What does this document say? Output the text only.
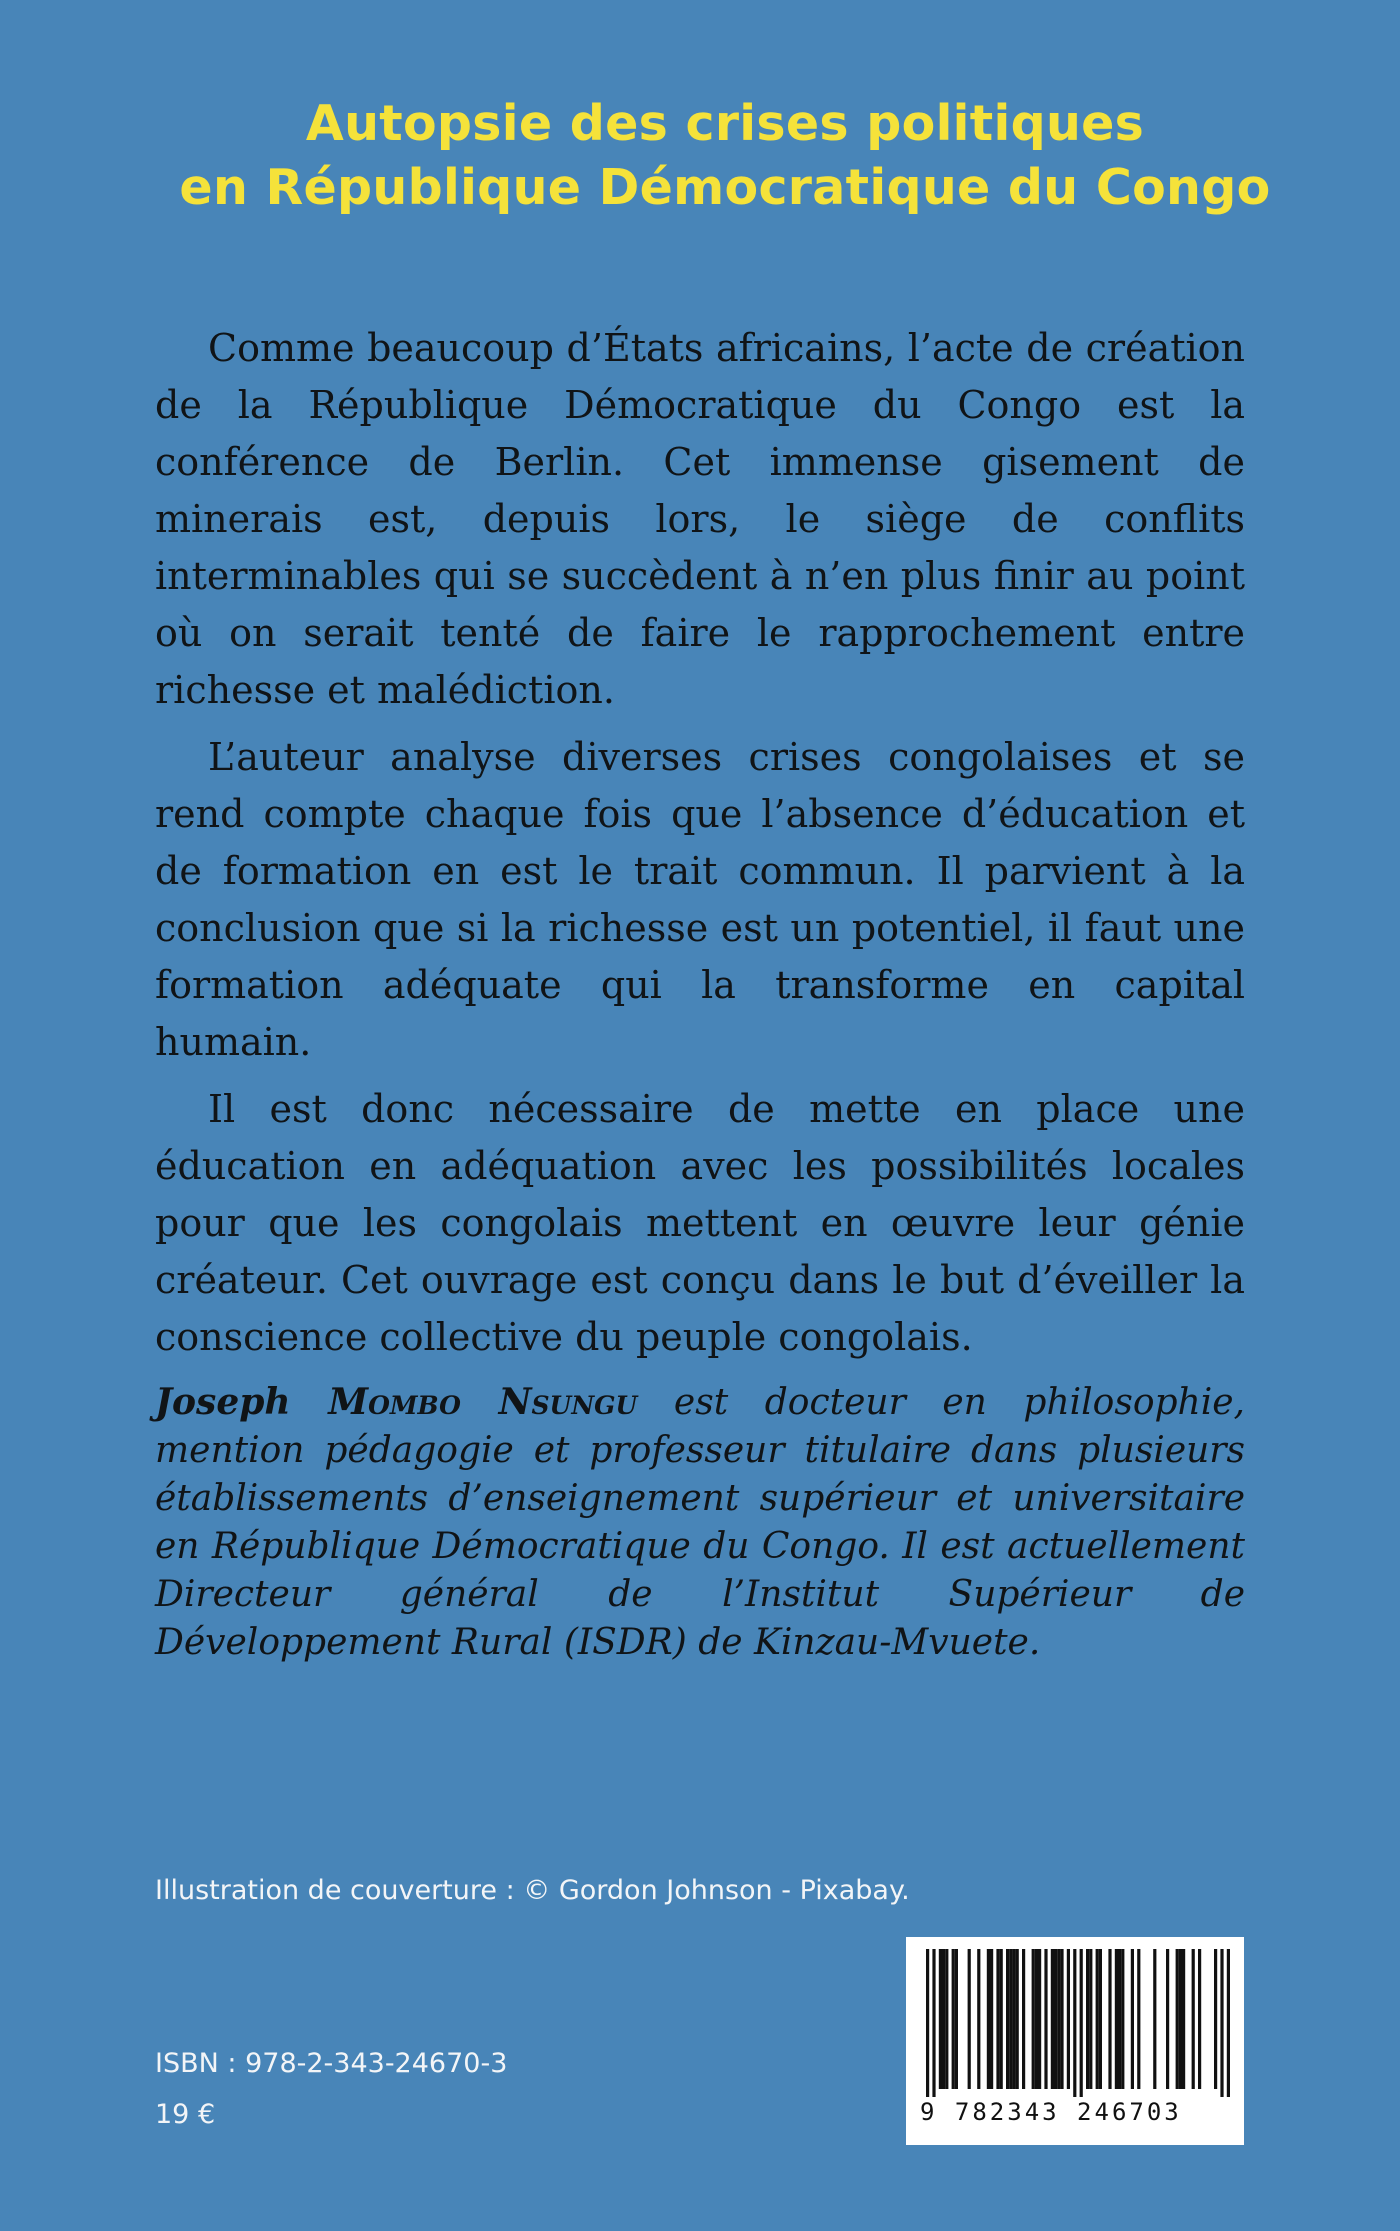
Autopsie des crises politiques
en République Démocratique du Congo

Comme beaucoup d’États africains, l’acte de création de la République Démocratique du Congo est la conférence de Berlin. Cet immense gisement de minerais est, depuis lors, le siège de conflits interminables qui se succèdent à n’en plus finir au point où on serait tenté de faire le rapprochement entre richesse et malédiction.

L’auteur analyse diverses crises congolaises et se rend compte chaque fois que l’absence d’éducation et de formation en est le trait commun. Il parvient à la conclusion que si la richesse est un potentiel, il faut une formation adéquate qui la transforme en capital humain.

Il est donc nécessaire de mette en place une éducation en adéquation avec les possibilités locales pour que les congolais mettent en œuvre leur génie créateur. Cet ouvrage est conçu dans le but d’éveiller la conscience collective du peuple congolais.

Joseph Mombo Nsungu est docteur en philosophie, mention pédagogie et professeur titulaire dans plusieurs établissements d’enseignement supérieur et universitaire en République Démocratique du Congo. Il est actuellement Directeur général de l’Institut Supérieur de Développement Rural (ISDR) de Kinzau-Mvuete.
Illustration de couverture : © Gordon Johnson - Pixabay.
9 782343 246703
ISBN : 978-2-343-24670-3
19 €
